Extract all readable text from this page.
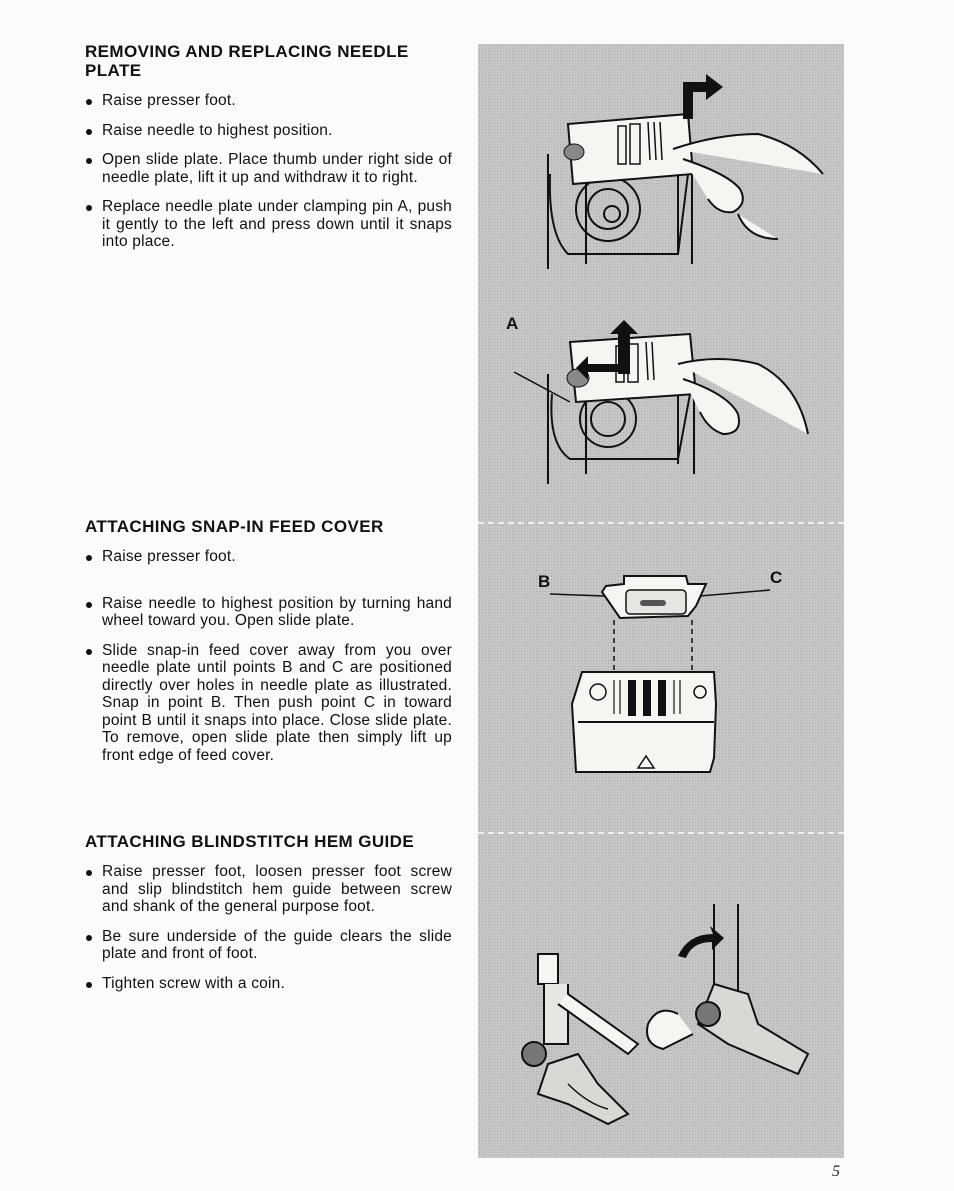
REMOVING AND REPLACING NEEDLE
PLATE
Raise presser foot.
Raise needle to highest position.
Open slide plate. Place thumb under right side of needle plate, lift it up and withdraw it to right.
Replace needle plate under clamping pin A, push it gently to the left and press down until it snaps into place.
ATTACHING SNAP-IN FEED COVER
Raise presser foot.
Raise needle to highest position by turning hand wheel toward you. Open slide plate.
Slide snap-in feed cover away from you over needle plate until points B and C are positioned directly over holes in needle plate as illustrated. Snap in point B. Then push point C in toward point B until it snaps into place. Close slide plate. To remove, open slide plate then simply lift up front edge of feed cover.
ATTACHING BLINDSTITCH HEM GUIDE
Raise presser foot, loosen presser foot screw and slip blindstitch hem guide between screw and shank of the general purpose foot.
Be sure underside of the guide clears the slide plate and front of foot.
Tighten screw with a coin.
A
B	C
5
